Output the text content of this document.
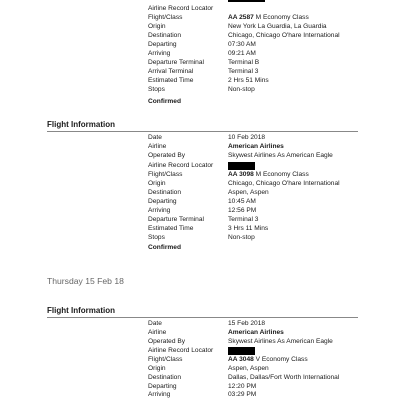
Airline Record Locator
Flight/Class	AA 2587 M Economy Class
Origin	New York La Guardia, La Guardia
Destination	Chicago, Chicago O'hare International
Departing	07:30 AM
Arriving	09:21 AM
Departure Terminal	Terminal B
Arrival Terminal	Terminal 3
Estimated Time	2 Hrs 51 Mins
Stops	Non-stop
Confirmed
Flight Information
Date	10 Feb 2018
Airline	American Airlines
Operated By	Skywest Airlines As American Eagle
Airline Record Locator
Flight/Class	AA 3098 M Economy Class
Origin	Chicago, Chicago O'hare International
Destination	Aspen, Aspen
Departing	10:45 AM
Arriving	12:56 PM
Departure Terminal	Terminal 3
Estimated Time	3 Hrs 11 Mins
Stops	Non-stop
Confirmed
Thursday 15 Feb 18
Flight Information
Date	15 Feb 2018
Airline	American Airlines
Operated By	Skywest Airlines As American Eagle
Airline Record Locator
Flight/Class	AA 3048 V Economy Class
Origin	Aspen, Aspen
Destination	Dallas, Dallas/Fort Worth International
Departing	12:20 PM
Arriving	03:29 PM
